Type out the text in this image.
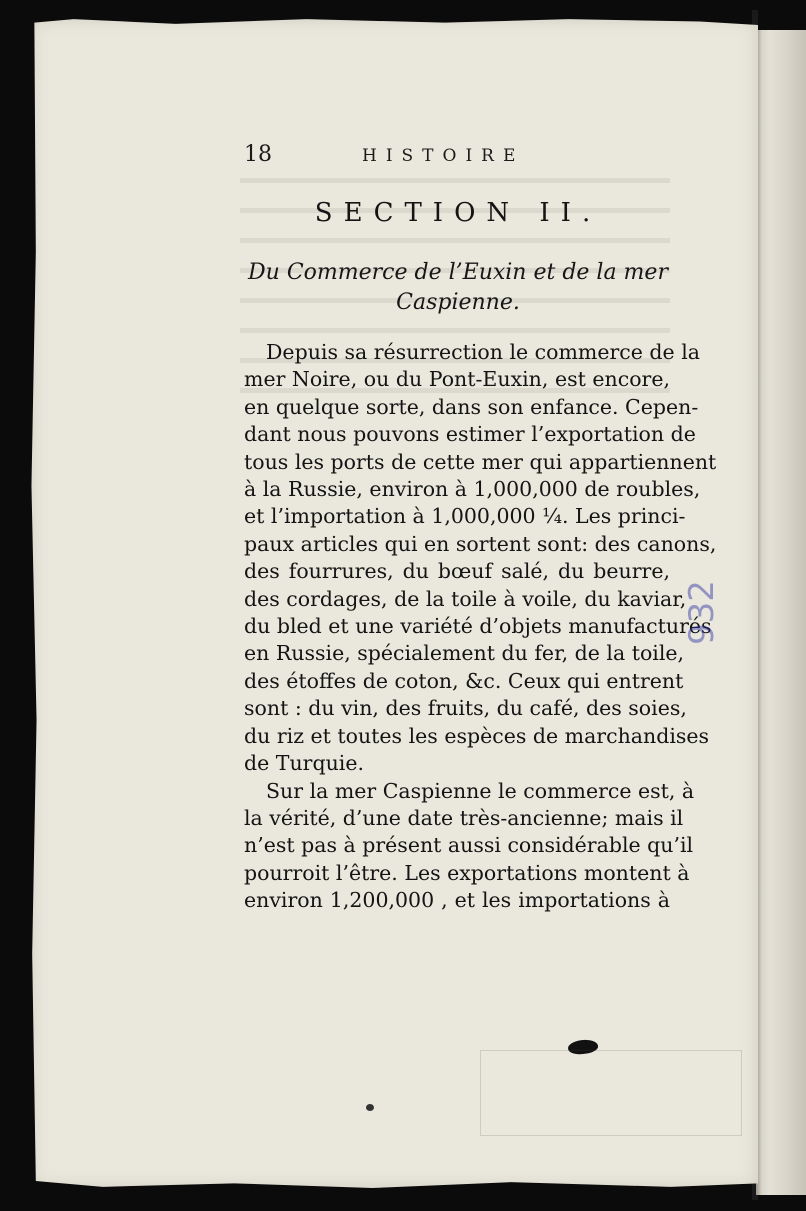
18	HISTOIRE
SECTION II.
Du Commerce de l’Euxin et de la mer
Caspienne.
Depuis sa résurrection le commerce de la
mer Noire, ou du Pont-Euxin, est encore,
en quelque sorte, dans son enfance. Cepen-
dant nous pouvons estimer l’exportation de
tous les ports de cette mer qui appartiennent
à la Russie, environ à 1,000,000 de roubles,
et l’importation à 1,000,000 ¼. Les princi-
paux articles qui en sortent sont: des canons,
des fourrures, du bœuf salé, du beurre,
des cordages, de la toile à voile, du kaviar,
du bled et une variété d’objets manufacturés
en Russie, spécialement du fer, de la toile,
des étoffes de coton, &c. Ceux qui entrent
sont : du vin, des fruits, du café, des soies,
du riz et toutes les espèces de marchandises
de Turquie.
Sur la mer Caspienne le commerce est, à
la vérité, d’une date très-ancienne; mais il
n’est pas à présent aussi considérable qu’il
pourroit l’être. Les exportations montent à
environ 1,200,000 , et les importations à
932
